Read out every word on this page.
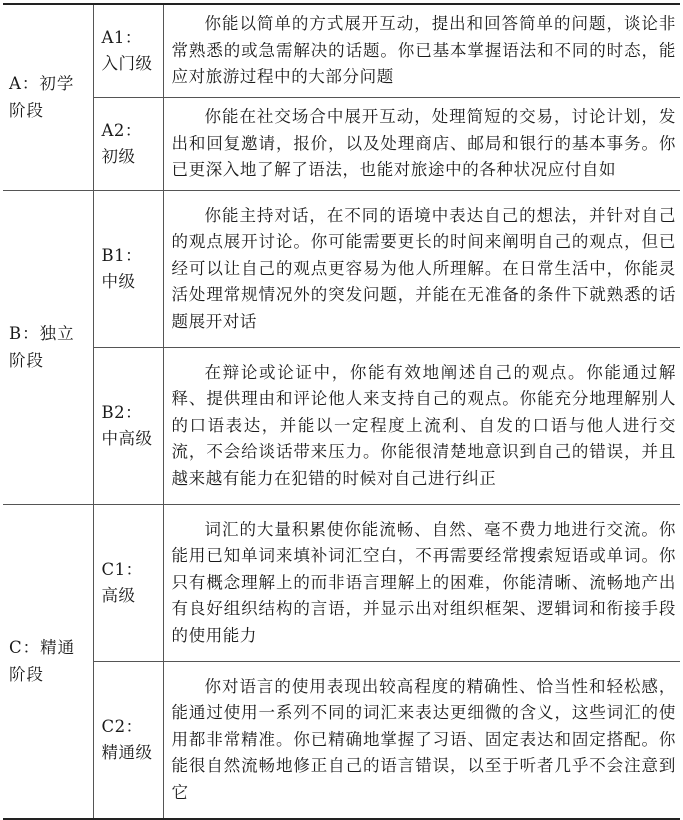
A：初学
阶段	A1：
入门级	你能以简单的方式展开互动，提出和回答简单的问题，谈论非常熟悉的或急需解决的话题。你已基本掌握语法和不同的时态，能应对旅游过程中的大部分问题

	A2：
初级	你能在社交场合中展开互动，处理简短的交易，讨论计划，发出和回复邀请，报价，以及处理商店、邮局和银行的基本事务。你已更深入地了解了语法，也能对旅途中的各种状况应付自如

B：独立
阶段	B1：
中级	你能主持对话，在不同的语境中表达自己的想法，并针对自己的观点展开讨论。你可能需要更长的时间来阐明自己的观点，但已经可以让自己的观点更容易为他人所理解。在日常生活中，你能灵活处理常规情况外的突发问题，并能在无准备的条件下就熟悉的话题展开对话

	B2：
中高级	在辩论或论证中，你能有效地阐述自己的观点。你能通过解释、提供理由和评论他人来支持自己的观点。你能充分地理解别人的口语表达，并能以一定程度上流利、自发的口语与他人进行交流，不会给谈话带来压力。你能很清楚地意识到自己的错误，并且越来越有能力在犯错的时候对自己进行纠正

C：精通
阶段	C1：
高级	词汇的大量积累使你能流畅、自然、毫不费力地进行交流。你能用已知单词来填补词汇空白，不再需要经常搜索短语或单词。你只有概念理解上的而非语言理解上的困难，你能清晰、流畅地产出有良好组织结构的言语，并显示出对组织框架、逻辑词和衔接手段的使用能力

	C2：
精通级	你对语言的使用表现出较高程度的精确性、恰当性和轻松感，能通过使用一系列不同的词汇来表达更细微的含义，这些词汇的使用都非常精准。你已精确地掌握了习语、固定表达和固定搭配。你能很自然流畅地修正自己的语言错误，以至于听者几乎不会注意到它
